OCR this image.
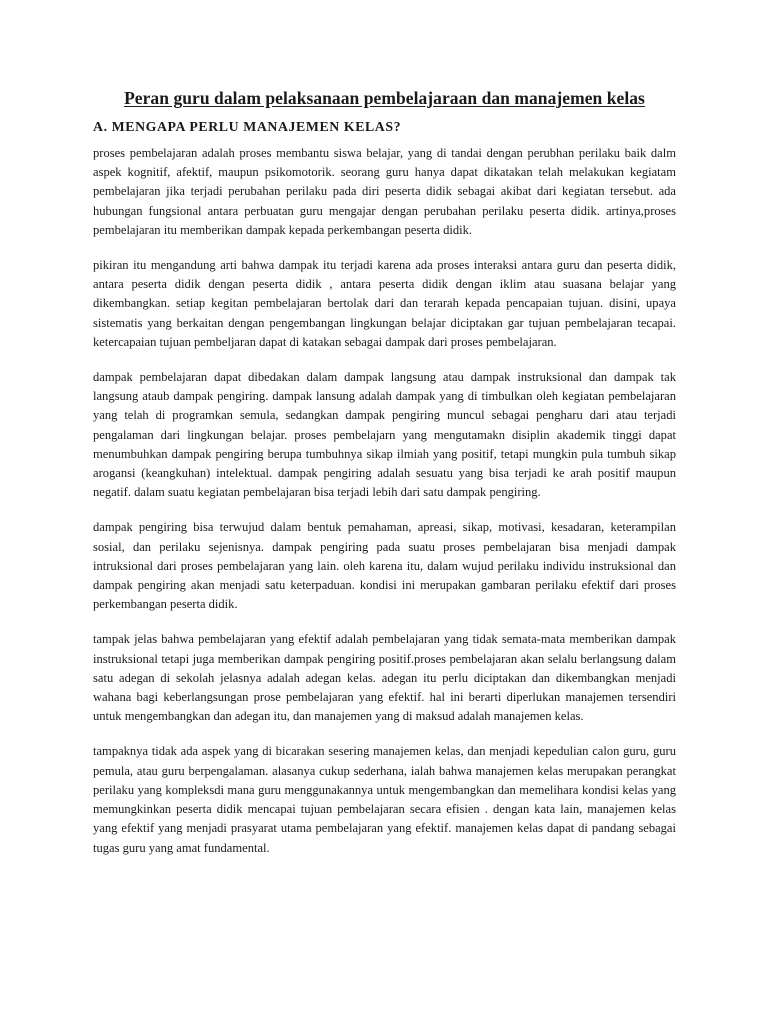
Peran guru dalam pelaksanaan pembelajaraan dan manajemen kelas
A. MENGAPA PERLU MANAJEMEN KELAS?

proses pembelajaran adalah proses membantu siswa belajar, yang di tandai dengan perubhan perilaku baik dalm aspek kognitif, afektif, maupun psikomotorik. seorang guru hanya dapat dikatakan telah melakukan kegiatam pembelajaran jika terjadi perubahan perilaku pada diri peserta didik sebagai akibat dari kegiatan tersebut. ada hubungan fungsional antara perbuatan guru mengajar dengan perubahan perilaku peserta didik. artinya,proses pembelajaran itu memberikan dampak kepada perkembangan peserta didik.

pikiran itu mengandung arti bahwa dampak itu terjadi karena ada proses interaksi antara guru dan peserta didik, antara peserta didik dengan peserta didik , antara peserta didik dengan iklim atau suasana belajar yang dikembangkan. setiap kegitan pembelajaran bertolak dari dan terarah kepada pencapaian tujuan. disini, upaya sistematis yang berkaitan dengan pengembangan lingkungan belajar diciptakan gar tujuan pembelajaran tecapai. ketercapaian tujuan pembeljaran dapat di katakan sebagai dampak dari proses pembelajaran.

dampak pembelajaran dapat dibedakan dalam dampak langsung atau dampak instruksional dan dampak tak langsung ataub dampak pengiring. dampak lansung adalah dampak yang di timbulkan oleh kegiatan pembelajaran yang telah di programkan semula, sedangkan dampak pengiring muncul sebagai pengharu dari atau terjadi pengalaman dari lingkungan belajar. proses pembelajarn yang mengutamakn disiplin akademik tinggi dapat menumbuhkan dampak pengiring berupa tumbuhnya sikap ilmiah yang positif, tetapi mungkin pula tumbuh sikap arogansi (keangkuhan) intelektual. dampak pengiring adalah sesuatu yang bisa terjadi ke arah positif maupun negatif. dalam suatu kegiatan pembelajaran bisa terjadi lebih dari satu dampak pengiring.

dampak pengiring bisa terwujud dalam bentuk pemahaman, apreasi, sikap, motivasi, kesadaran, keterampilan sosial, dan perilaku sejenisnya. dampak pengiring pada suatu proses pembelajaran bisa menjadi dampak intruksional dari proses pembelajaran yang lain. oleh karena itu, dalam wujud perilaku individu instruksional dan dampak pengiring akan menjadi satu keterpaduan. kondisi ini merupakan gambaran perilaku efektif dari proses perkembangan peserta didik.

tampak jelas bahwa pembelajaran yang efektif adalah pembelajaran yang tidak semata-mata memberikan dampak instruksional tetapi juga memberikan dampak pengiring positif.proses pembelajaran akan selalu berlangsung dalam satu adegan di sekolah jelasnya adalah adegan kelas. adegan itu perlu diciptakan dan dikembangkan menjadi wahana bagi keberlangsungan prose pembelajaran yang efektif. hal ini berarti diperlukan manajemen tersendiri untuk mengembangkan dan adegan itu, dan manajemen yang di maksud adalah manajemen kelas.

tampaknya tidak ada aspek yang di bicarakan sesering manajemen kelas, dan menjadi kepedulian calon guru, guru pemula, atau guru berpengalaman. alasanya cukup sederhana, ialah bahwa manajemen kelas merupakan perangkat perilaku yang kompleksdi mana guru menggunakannya untuk mengembangkan dan memelihara kondisi kelas yang memungkinkan peserta didik mencapai tujuan pembelajaran secara efisien . dengan kata lain, manajemen kelas yang efektif yang menjadi prasyarat utama pembelajaran yang efektif. manajemen kelas dapat di pandang sebagai tugas guru yang amat fundamental.
